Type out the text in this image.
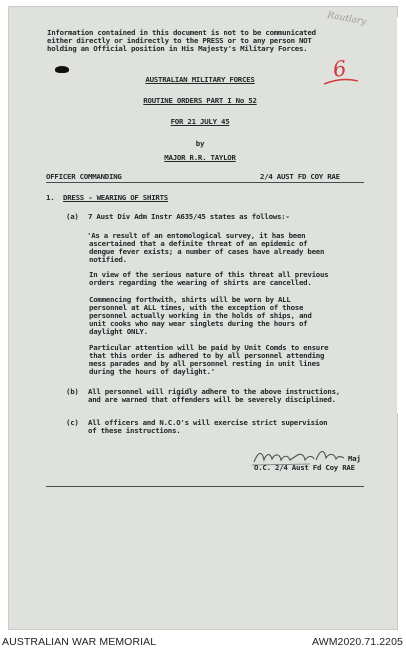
Rautlary
Information contained in this document is not to be communicated
either directly or indirectly to the PRESS or to any person NOT
holding an Official position in His Majesty's Military Forces.
6
AUSTRALIAN MILITARY FORCES
ROUTINE ORDERS PART I No 52
FOR 21 JULY 45
by
MAJOR R.R. TAYLOR
OFFICER COMMANDING	2/4 AUST FD COY RAE
1. DRESS - WEARING OF SHIRTS
(a) 7 Aust Div Adm Instr A635/45 states as follows:-
'As a result of an entomological survey, it has been
ascertained that a definite threat of an epidemic of
dengue fever exists; a number of cases have already been
notified.
In view of the serious nature of this threat all previous
orders regarding the wearing of shirts are cancelled.
Commencing forthwith, shirts will be worn by ALL
personnel at ALL times, with the exception of those
personnel actually working in the holds of ships, and
unit cooks who may wear singlets during the hours of
daylight ONLY.
Particular attention will be paid by Unit Comds to ensure
that this order is adhered to by all personnel attending
mess parades and by all personnel resting in unit lines
during the hours of daylight.'
(b) All personnel will rigidly adhere to the above instructions,
and are warned that offenders will be severely disciplined.
(c) All officers and N.C.O's will exercise strict supervision
of these instructions.
Maj
O.C. 2/4 Aust Fd Coy RAE
AUSTRALIAN WAR MEMORIAL	AWM2020.71.2205
